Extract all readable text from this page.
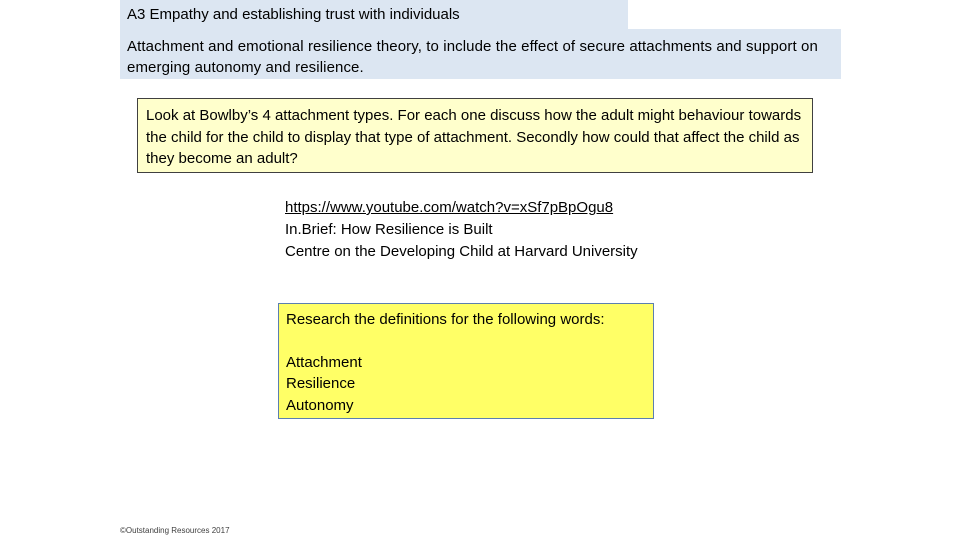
A3 Empathy and establishing trust with individuals
Attachment and emotional resilience theory, to include the effect of secure attachments and support on emerging autonomy and resilience.
Look at Bowlby’s 4 attachment types. For each one discuss how the adult might behaviour towards the child for the child to display that type of attachment. Secondly how could that affect the child as they become an adult?
https://www.youtube.com/watch?v=xSf7pBpOgu8
In.Brief: How Resilience is Built
Centre on the Developing Child at Harvard University
Research the definitions for the following words:
Attachment
Resilience
Autonomy
©Outstanding Resources 2017
